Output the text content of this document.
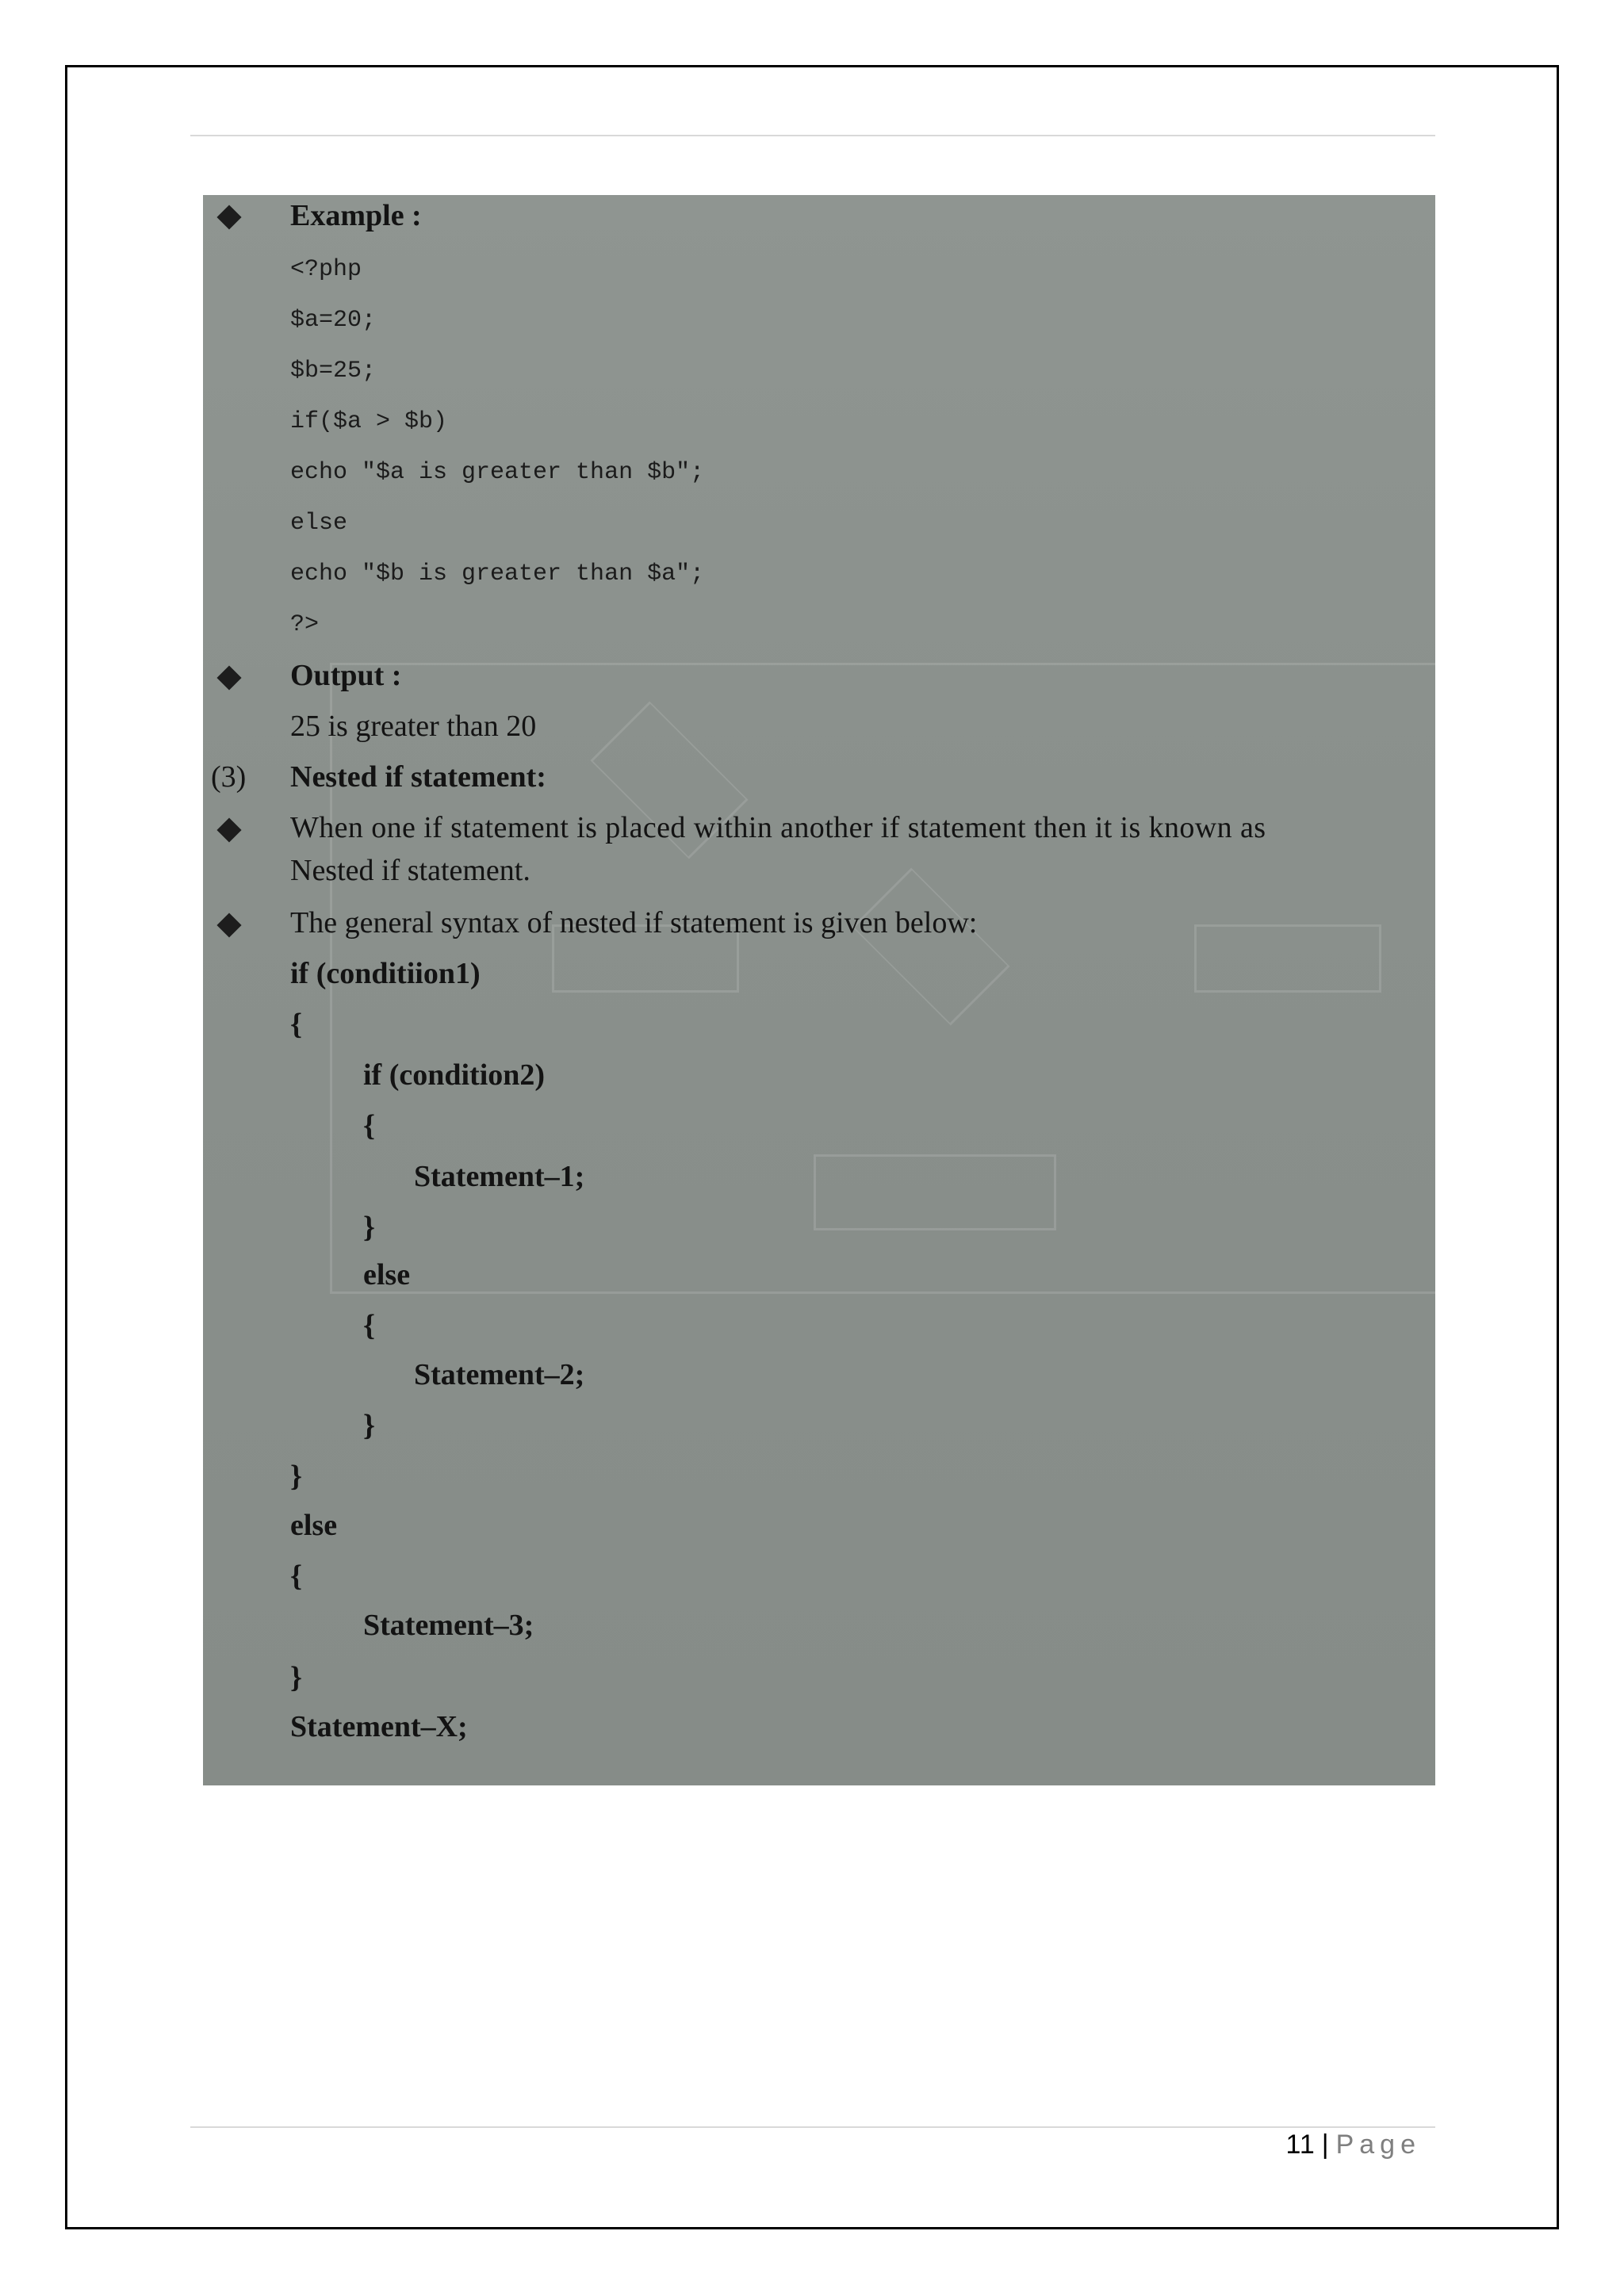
Example :
<?php
$a=20;
$b=25;
if($a > $b)
echo "$a is greater than $b";
else
echo "$b is greater than $a";
?>
Output :
25 is greater than 20
(3) Nested if statement:
When one if statement is placed within another if statement then it is known as
Nested if statement.
The general syntax of nested if statement is given below:
if (conditiion1)
{
if (condition2)
{
Statement–1;
}
else
{
Statement–2;
}
}
else
{
Statement–3;
}
Statement–X;
11 | Page
